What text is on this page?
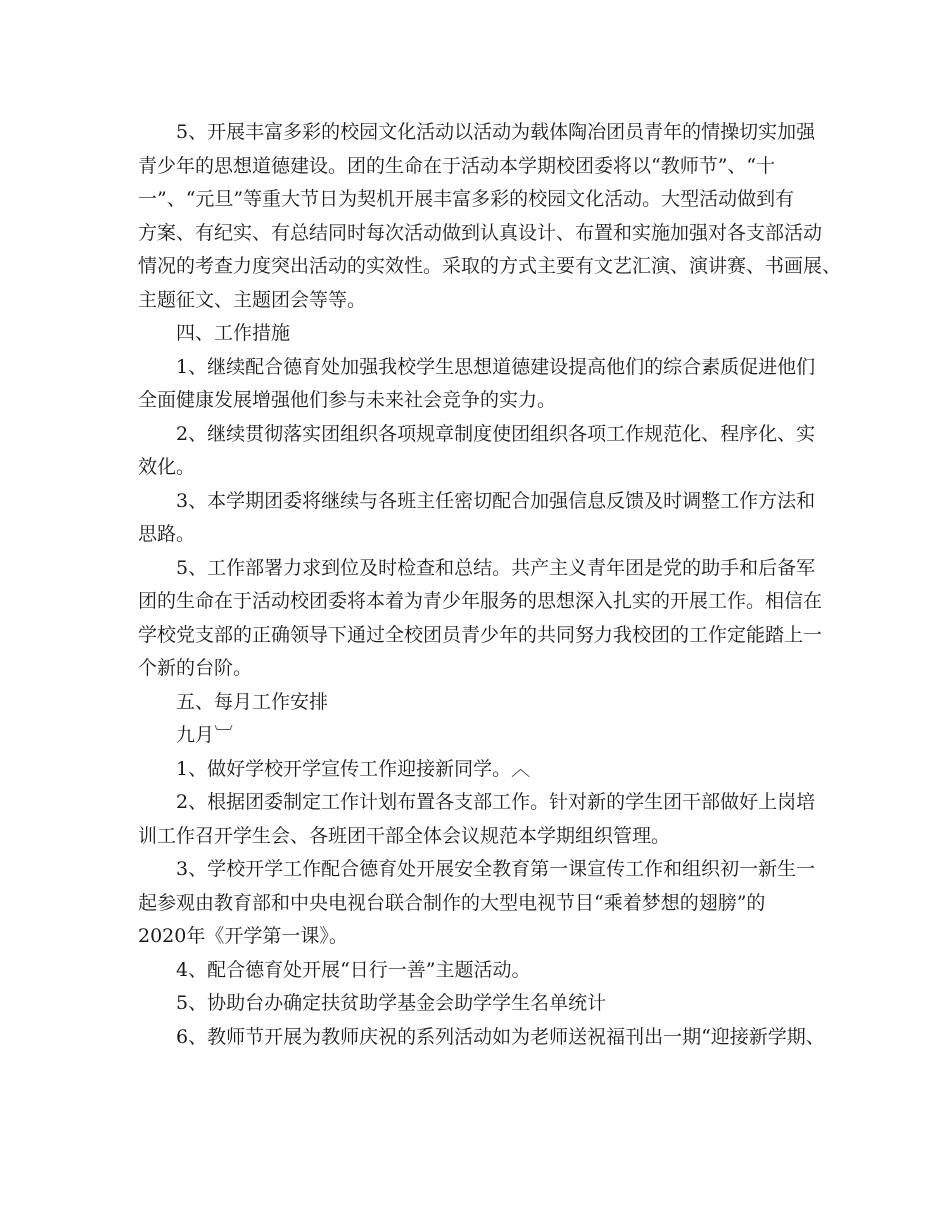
5、开展丰富多彩的校园文化活动以活动为载体陶冶团员青年的情操切实加强
青少年的思想道德建设。团的生命在于活动本学期校团委将以“教师节”、“十
一”、“元旦”等重大节日为契机开展丰富多彩的校园文化活动。大型活动做到有
方案、有纪实、有总结同时每次活动做到认真设计、布置和实施加强对各支部活动
情况的考查力度突出活动的实效性。采取的方式主要有文艺汇演、演讲赛、书画展、
主题征文、主题团会等等。
四、工作措施
1、继续配合德育处加强我校学生思想道德建设提高他们的综合素质促进他们
全面健康发展增强他们参与未来社会竞争的实力。
2、继续贯彻落实团组织各项规章制度使团组织各项工作规范化、程序化、实
效化。
3、本学期团委将继续与各班主任密切配合加强信息反馈及时调整工作方法和
思路。
5、工作部署力求到位及时检查和总结。共产主义青年团是党的助手和后备军
团的生命在于活动校团委将本着为青少年服务的思想深入扎实的开展工作。相信在
学校党支部的正确领导下通过全校团员青少年的共同努力我校团的工作定能踏上一
个新的台阶。
五、每月工作安排
九月︺
1、做好学校开学宣传工作迎接新同学。︿
2、根据团委制定工作计划布置各支部工作。针对新的学生团干部做好上岗培
训工作召开学生会、各班团干部全体会议规范本学期组织管理。
3、学校开学工作配合德育处开展安全教育第一课宣传工作和组织初一新生一
起参观由教育部和中央电视台联合制作的大型电视节目“乘着梦想的翅膀”的
2020年《开学第一课》。
4、配合德育处开展“日行一善”主题活动。
5、协助台办确定扶贫助学基金会助学学生名单统计
6、教师节开展为教师庆祝的系列活动如为老师送祝福刊出一期“迎接新学期、
